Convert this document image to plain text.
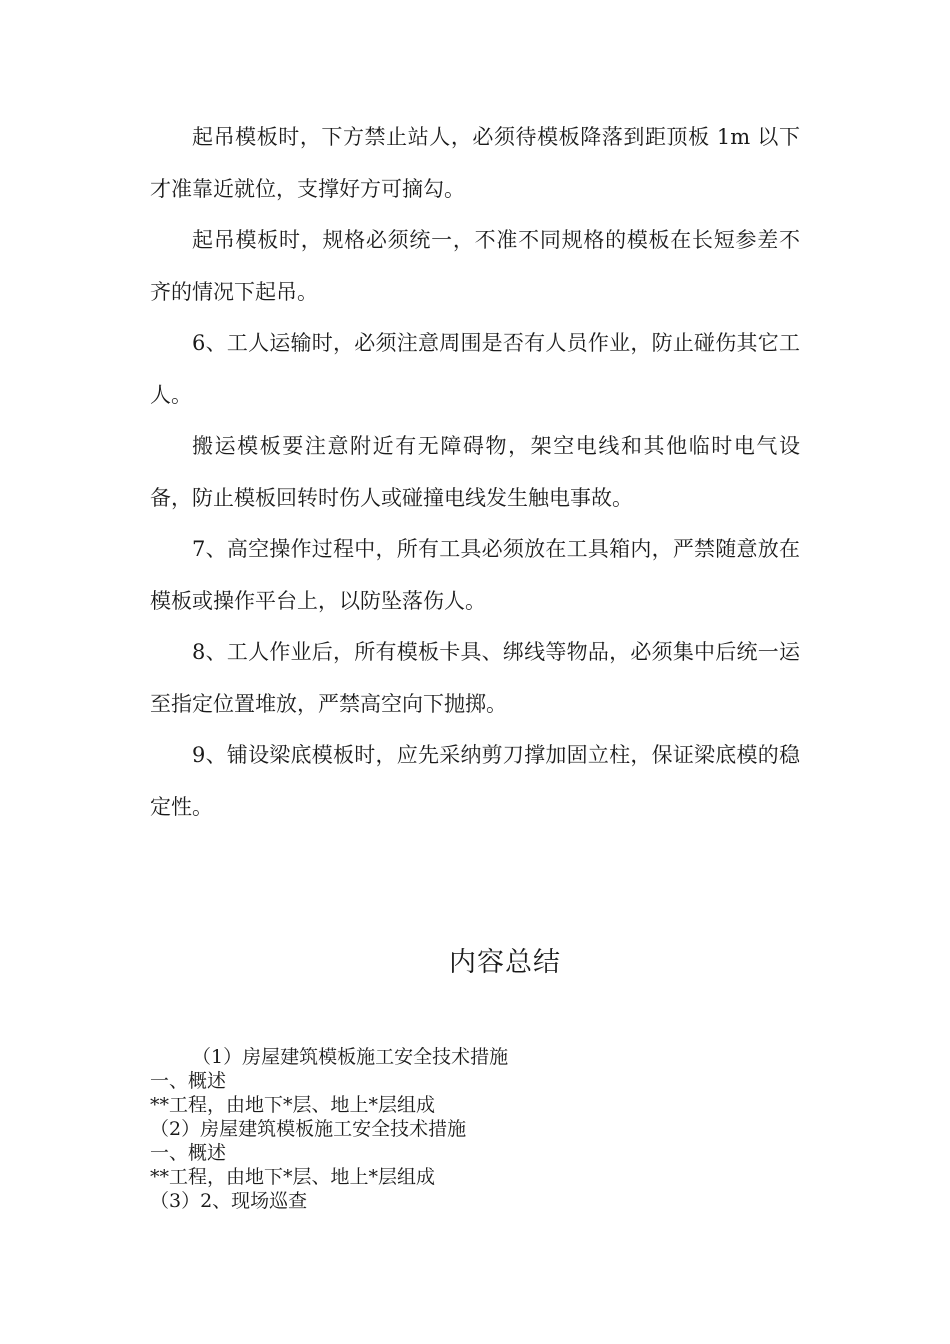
起吊模板时，下方禁止站人，必须待模板降落到距顶板 1m 以下才准靠近就位，支撑好方可摘勾。

起吊模板时，规格必须统一，不准不同规格的模板在长短参差不齐的情况下起吊。

6、工人运输时，必须注意周围是否有人员作业，防止碰伤其它工人。

搬运模板要注意附近有无障碍物，架空电线和其他临时电气设备，防止模板回转时伤人或碰撞电线发生触电事故。

7、高空操作过程中，所有工具必须放在工具箱内，严禁随意放在模板或操作平台上，以防坠落伤人。

8、工人作业后，所有模板卡具、绑线等物品，必须集中后统一运至指定位置堆放，严禁高空向下抛掷。

9、铺设梁底模板时，应先采纳剪刀撑加固立柱，保证梁底模的稳定性。

内容总结

（1）房屋建筑模板施工安全技术措施

一、概述

**工程，由地下*层、地上*层组成

（2）房屋建筑模板施工安全技术措施

一、概述

**工程，由地下*层、地上*层组成

（3）2、现场巡查
